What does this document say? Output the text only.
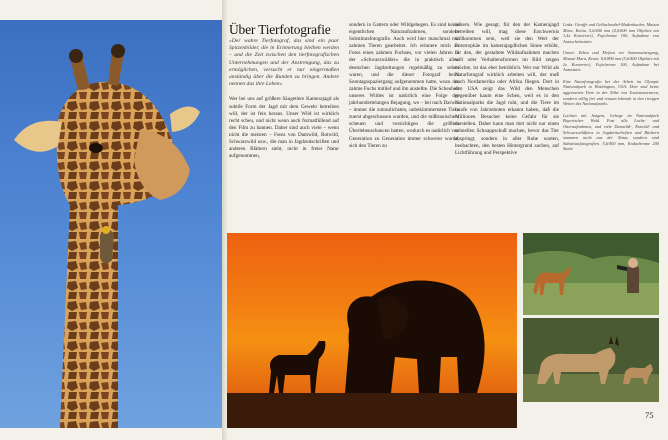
Über Tierfotografie

»Der wahre Tierfotograf, das sind ein paar Spitzenbilder, die in Erinnerung bleiben werden – und die Zeit zwischen den tierfotografischen Unternehmungen und der Anstrengung, das zu ermöglichen, versucht er nur eingermaßen anständig über die Runden zu bringen. Andere nennen das ihre Leben«

Wer bei uns auf größere Säugetiere Kamerajagd als subtile Form der Jagd mit dem Gewehr betreiben will, der ist fein heraus. Unser Wild ist wirklich recht scheu, und nicht wenn auch formatfüllend auf den Film zu bannen. Daher sind auch viele – wenn nicht die meisten – Fotos von Damwild, Rotwild, Schwarzwild usw., die man in Jagdzeitschriften und anderen Blättern sieht, nicht in freier Natur aufgenommen,

sondern in Gattern oder Wildgehegen. Es sind keine eigentlichen Naturaufnahmen, sondern Substitutsfotografie. Auch wird hier manchmal mit zahmen Tieren gearbeitet. Ich erinnere mich an Fotos eines zahmen Fuchses, vor vielen Jahren in der »Schwarzwälder« die in praktisch allen deutschen Jagdzeitungen regelmäßig zu sehen waren, und die dieser Fotograf beim Sonntagsspaziergang aufgenommen hatte, wozu der zahme Fuchs mitlief und ihn anstellte. Die Scheuheit unseres Wildes ist natürlich eine Folge der jahrhundertelangen Bejagung, wo – bei nach Darwin – immer die zutraulichsten, unbekümmertsten Tiere zuerst abgeschossen wurden, und die mißtrauischen, scheuen und vorsichtigen die größten Überlebenschancen hatten, wodurch es natürlich von Generation zu Generation immer schwerer wurde, sich den Tieren zu

nähern. Wie gesagt, für den der Kamerajagd betreiben will, mag diese Erschwernis willkommen sein, weil sie den Wert der Fototrophäe im kamerajagdlichen Sinne erhöht, für den, der gestaltete Wildaufnahmen machen will oder Verhaltensformen im Bild zeigen möchte, ist das eher betrüblich. Wer nur Wild als Naturfotograf wirklich arbeiten will, der muß nach Nordamerika oder Afrika fliegen. Dort in den USA zeigt das Wild den Menschen gegenüber kaum eine Scheu, weil es in den Nationalparks die Jagd ruht, und die Tiere im Laufe von Jahrzehnten erkannt haben, daß die Millionen Besucher keine Gefahr für sie darstellen. Daher kann man dort nicht nur einen schnellen Schnappschuß machen, bevor das Tier abspringt, sondern in aller Ruhe warten, beobachten, den besten Hintergrund suchen, auf Lichtführung und Perspektive

Links: Giraffe und Gelbschnabel-Madenhacker, Massai Mara, Kenia. 5,6/400 mm (4,0/600 mm Objektiv mit 1,4x Konverter), Fujichrome 100, Aufnahme von Autoscheinstativ.

Unten: Zebra und Elefant vor Sonnenuntergang, Massai Mara, Kenia. 8,0/800 mm (5,6/400 Objektiv mit 2x Konverter), Fujichrome 100, Aufnahme bei Autostativ.

Eine Naturfotografin bei der Arbeit im Olympic Nationalpark in Washington, USA. Dort sind keine aggressiven Tiere in der Nähe von Touristenzentren, sondern völlig frei und einsam lebende in den riesigen Weiten des Nationalparks.

Luchsin mit Jungem, Gehege im Nationalpark Bayerischer Wald. Fast alle Luchs- und Otteraufnahmen, und viele Damwild-, Rotwild- und Schwarzwildfotos in Jagdzeitschriften und Büchern stammen nicht aus der Natur, sondern sind Substitutsfotografien. 5,6/400 mm, Kodachrome 200 Stativ.

75
